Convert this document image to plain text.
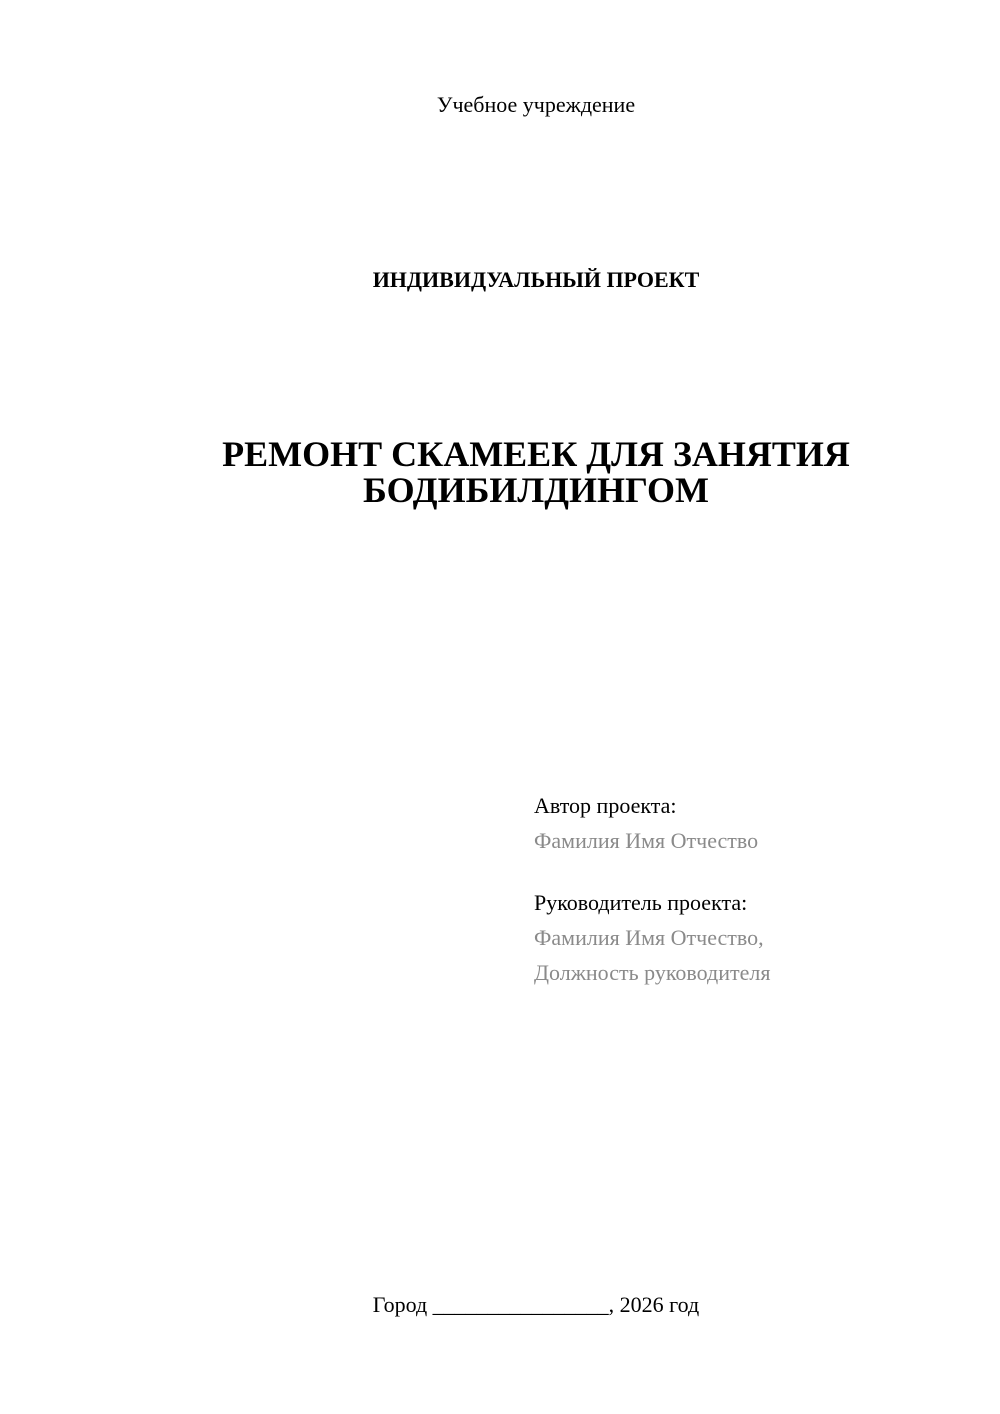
Учебное учреждение
ИНДИВИДУАЛЬНЫЙ ПРОЕКТ
РЕМОНТ СКАМЕЕК ДЛЯ ЗАНЯТИЯ
БОДИБИЛДИНГОМ
Автор проекта:
Фамилия Имя Отчество
Руководитель проекта:
Фамилия Имя Отчество,
Должность руководителя
Город ________________, 2026 год
